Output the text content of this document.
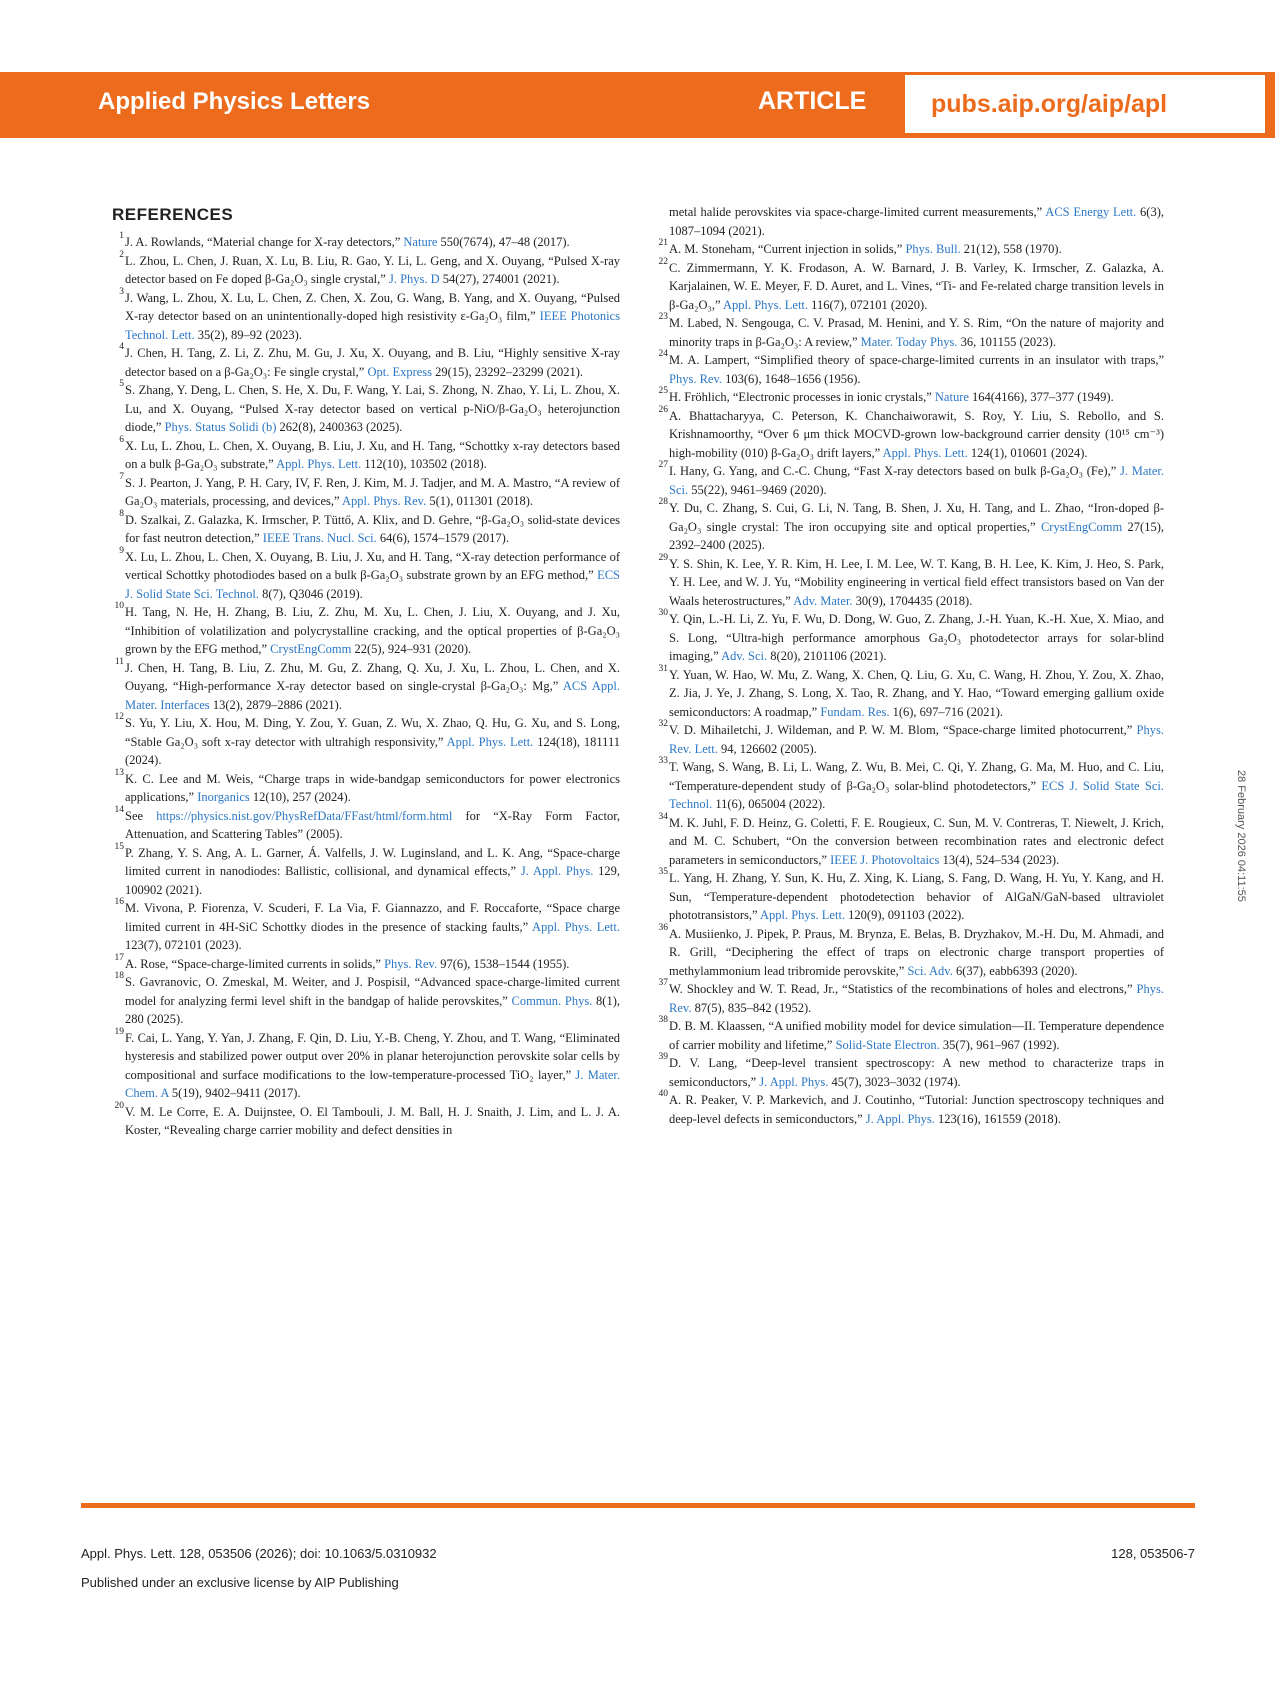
Applied Physics Letters	ARTICLE	pubs.aip.org/aip/apl
REFERENCES
1 J. A. Rowlands, “Material change for X-ray detectors,” Nature 550(7674), 47–48 (2017).
2 L. Zhou, L. Chen, J. Ruan, X. Lu, B. Liu, R. Gao, Y. Li, L. Geng, and X. Ouyang, “Pulsed X-ray detector based on Fe doped β-Ga₂O₃ single crystal,” J. Phys. D 54(27), 274001 (2021).
3 J. Wang, L. Zhou, X. Lu, L. Chen, Z. Chen, X. Zou, G. Wang, B. Yang, and X. Ouyang, “Pulsed X-ray detector based on an unintentionally-doped high resistivity ε-Ga₂O₃ film,” IEEE Photonics Technol. Lett. 35(2), 89–92 (2023).
4 J. Chen, H. Tang, Z. Li, Z. Zhu, M. Gu, J. Xu, X. Ouyang, and B. Liu, “Highly sensitive X-ray detector based on a β-Ga₂O₃: Fe single crystal,” Opt. Express 29(15), 23292–23299 (2021).
5 S. Zhang, Y. Deng, L. Chen, S. He, X. Du, F. Wang, Y. Lai, S. Zhong, N. Zhao, Y. Li, L. Zhou, X. Lu, and X. Ouyang, “Pulsed X-ray detector based on vertical p-NiO/β-Ga₂O₃ heterojunction diode,” Phys. Status Solidi (b) 262(8), 2400363 (2025).
6 X. Lu, L. Zhou, L. Chen, X. Ouyang, B. Liu, J. Xu, and H. Tang, “Schottky x-ray detectors based on a bulk β-Ga₂O₃ substrate,” Appl. Phys. Lett. 112(10), 103502 (2018).
7 S. J. Pearton, J. Yang, P. H. Cary, IV, F. Ren, J. Kim, M. J. Tadjer, and M. A. Mastro, “A review of Ga₂O₃ materials, processing, and devices,” Appl. Phys. Rev. 5(1), 011301 (2018).
8 D. Szalkai, Z. Galazka, K. Irmscher, P. Tüttő, A. Klix, and D. Gehre, “β-Ga₂O₃ solid-state devices for fast neutron detection,” IEEE Trans. Nucl. Sci. 64(6), 1574–1579 (2017).
9 X. Lu, L. Zhou, L. Chen, X. Ouyang, B. Liu, J. Xu, and H. Tang, “X-ray detection performance of vertical Schottky photodiodes based on a bulk β-Ga₂O₃ substrate grown by an EFG method,” ECS J. Solid State Sci. Technol. 8(7), Q3046 (2019).
10 H. Tang, N. He, H. Zhang, B. Liu, Z. Zhu, M. Xu, L. Chen, J. Liu, X. Ouyang, and J. Xu, “Inhibition of volatilization and polycrystalline cracking, and the optical properties of β-Ga₂O₃ grown by the EFG method,” CrystEngComm 22(5), 924–931 (2020).
11 J. Chen, H. Tang, B. Liu, Z. Zhu, M. Gu, Z. Zhang, Q. Xu, J. Xu, L. Zhou, L. Chen, and X. Ouyang, “High-performance X-ray detector based on single-crystal β-Ga₂O₃: Mg,” ACS Appl. Mater. Interfaces 13(2), 2879–2886 (2021).
12 S. Yu, Y. Liu, X. Hou, M. Ding, Y. Zou, Y. Guan, Z. Wu, X. Zhao, Q. Hu, G. Xu, and S. Long, “Stable Ga₂O₃ soft x-ray detector with ultrahigh responsivity,” Appl. Phys. Lett. 124(18), 181111 (2024).
13 K. C. Lee and M. Weis, “Charge traps in wide-bandgap semiconductors for power electronics applications,” Inorganics 12(10), 257 (2024).
14 See https://physics.nist.gov/PhysRefData/FFast/html/form.html for “X-Ray Form Factor, Attenuation, and Scattering Tables” (2005).
15 P. Zhang, Y. S. Ang, A. L. Garner, Á. Valfells, J. W. Luginsland, and L. K. Ang, “Space-charge limited current in nanodiodes: Ballistic, collisional, and dynamical effects,” J. Appl. Phys. 129, 100902 (2021).
16 M. Vivona, P. Fiorenza, V. Scuderi, F. La Via, F. Giannazzo, and F. Roccaforte, “Space charge limited current in 4H-SiC Schottky diodes in the presence of stacking faults,” Appl. Phys. Lett. 123(7), 072101 (2023).
17 A. Rose, “Space-charge-limited currents in solids,” Phys. Rev. 97(6), 1538–1544 (1955).
18 S. Gavranovic, O. Zmeskal, M. Weiter, and J. Pospisil, “Advanced space-charge-limited current model for analyzing fermi level shift in the bandgap of halide perovskites,” Commun. Phys. 8(1), 280 (2025).
19 F. Cai, L. Yang, Y. Yan, J. Zhang, F. Qin, D. Liu, Y.-B. Cheng, Y. Zhou, and T. Wang, “Eliminated hysteresis and stabilized power output over 20% in planar heterojunction perovskite solar cells by compositional and surface modifications to the low-temperature-processed TiO₂ layer,” J. Mater. Chem. A 5(19), 9402–9411 (2017).
20 V. M. Le Corre, E. A. Duijnstee, O. El Tambouli, J. M. Ball, H. J. Snaith, J. Lim, and L. J. A. Koster, “Revealing charge carrier mobility and defect densities in
metal halide perovskites via space-charge-limited current measurements,” ACS Energy Lett. 6(3), 1087–1094 (2021).
21 A. M. Stoneham, “Current injection in solids,” Phys. Bull. 21(12), 558 (1970).
22 C. Zimmermann, Y. K. Frodason, A. W. Barnard, J. B. Varley, K. Irmscher, Z. Galazka, A. Karjalainen, W. E. Meyer, F. D. Auret, and L. Vines, “Ti- and Fe-related charge transition levels in β-Ga₂O₃,” Appl. Phys. Lett. 116(7), 072101 (2020).
23 M. Labed, N. Sengouga, C. V. Prasad, M. Henini, and Y. S. Rim, “On the nature of majority and minority traps in β-Ga₂O₃: A review,” Mater. Today Phys. 36, 101155 (2023).
24 M. A. Lampert, “Simplified theory of space-charge-limited currents in an insulator with traps,” Phys. Rev. 103(6), 1648–1656 (1956).
25 H. Fröhlich, “Electronic processes in ionic crystals,” Nature 164(4166), 377–377 (1949).
26 A. Bhattacharyya, C. Peterson, K. Chanchaiworawit, S. Roy, Y. Liu, S. Rebollo, and S. Krishnamoorthy, “Over 6 μm thick MOCVD-grown low-background carrier density (10¹⁵ cm⁻³) high-mobility (010) β-Ga₂O₃ drift layers,” Appl. Phys. Lett. 124(1), 010601 (2024).
27 I. Hany, G. Yang, and C.-C. Chung, “Fast X-ray detectors based on bulk β-Ga₂O₃ (Fe),” J. Mater. Sci. 55(22), 9461–9469 (2020).
28 Y. Du, C. Zhang, S. Cui, G. Li, N. Tang, B. Shen, J. Xu, H. Tang, and L. Zhao, “Iron-doped β-Ga₂O₃ single crystal: The iron occupying site and optical properties,” CrystEngComm 27(15), 2392–2400 (2025).
29 Y. S. Shin, K. Lee, Y. R. Kim, H. Lee, I. M. Lee, W. T. Kang, B. H. Lee, K. Kim, J. Heo, S. Park, Y. H. Lee, and W. J. Yu, “Mobility engineering in vertical field effect transistors based on Van der Waals heterostructures,” Adv. Mater. 30(9), 1704435 (2018).
30 Y. Qin, L.-H. Li, Z. Yu, F. Wu, D. Dong, W. Guo, Z. Zhang, J.-H. Yuan, K.-H. Xue, X. Miao, and S. Long, “Ultra-high performance amorphous Ga₂O₃ photodetector arrays for solar-blind imaging,” Adv. Sci. 8(20), 2101106 (2021).
31 Y. Yuan, W. Hao, W. Mu, Z. Wang, X. Chen, Q. Liu, G. Xu, C. Wang, H. Zhou, Y. Zou, X. Zhao, Z. Jia, J. Ye, J. Zhang, S. Long, X. Tao, R. Zhang, and Y. Hao, “Toward emerging gallium oxide semiconductors: A roadmap,” Fundam. Res. 1(6), 697–716 (2021).
32 V. D. Mihailetchi, J. Wildeman, and P. W. M. Blom, “Space-charge limited photocurrent,” Phys. Rev. Lett. 94, 126602 (2005).
33 T. Wang, S. Wang, B. Li, L. Wang, Z. Wu, B. Mei, C. Qi, Y. Zhang, G. Ma, M. Huo, and C. Liu, “Temperature-dependent study of β-Ga₂O₃ solar-blind photodetectors,” ECS J. Solid State Sci. Technol. 11(6), 065004 (2022).
34 M. K. Juhl, F. D. Heinz, G. Coletti, F. E. Rougieux, C. Sun, M. V. Contreras, T. Niewelt, J. Krich, and M. C. Schubert, “On the conversion between recombination rates and electronic defect parameters in semiconductors,” IEEE J. Photovoltaics 13(4), 524–534 (2023).
35 L. Yang, H. Zhang, Y. Sun, K. Hu, Z. Xing, K. Liang, S. Fang, D. Wang, H. Yu, Y. Kang, and H. Sun, “Temperature-dependent photodetection behavior of AlGaN/GaN-based ultraviolet phototransistors,” Appl. Phys. Lett. 120(9), 091103 (2022).
36 A. Musiienko, J. Pipek, P. Praus, M. Brynza, E. Belas, B. Dryzhakov, M.-H. Du, M. Ahmadi, and R. Grill, “Deciphering the effect of traps on electronic charge transport properties of methylammonium lead tribromide perovskite,” Sci. Adv. 6(37), eabb6393 (2020).
37 W. Shockley and W. T. Read, Jr., “Statistics of the recombinations of holes and electrons,” Phys. Rev. 87(5), 835–842 (1952).
38 D. B. M. Klaassen, “A unified mobility model for device simulation—II. Temperature dependence of carrier mobility and lifetime,” Solid-State Electron. 35(7), 961–967 (1992).
39 D. V. Lang, “Deep-level transient spectroscopy: A new method to characterize traps in semiconductors,” J. Appl. Phys. 45(7), 3023–3032 (1974).
40 A. R. Peaker, V. P. Markevich, and J. Coutinho, “Tutorial: Junction spectroscopy techniques and deep-level defects in semiconductors,” J. Appl. Phys. 123(16), 161559 (2018).
28 February 2026 04:11:55
Appl. Phys. Lett. 128, 053506 (2026); doi: 10.1063/5.0310932	128, 053506-7
Published under an exclusive license by AIP Publishing
